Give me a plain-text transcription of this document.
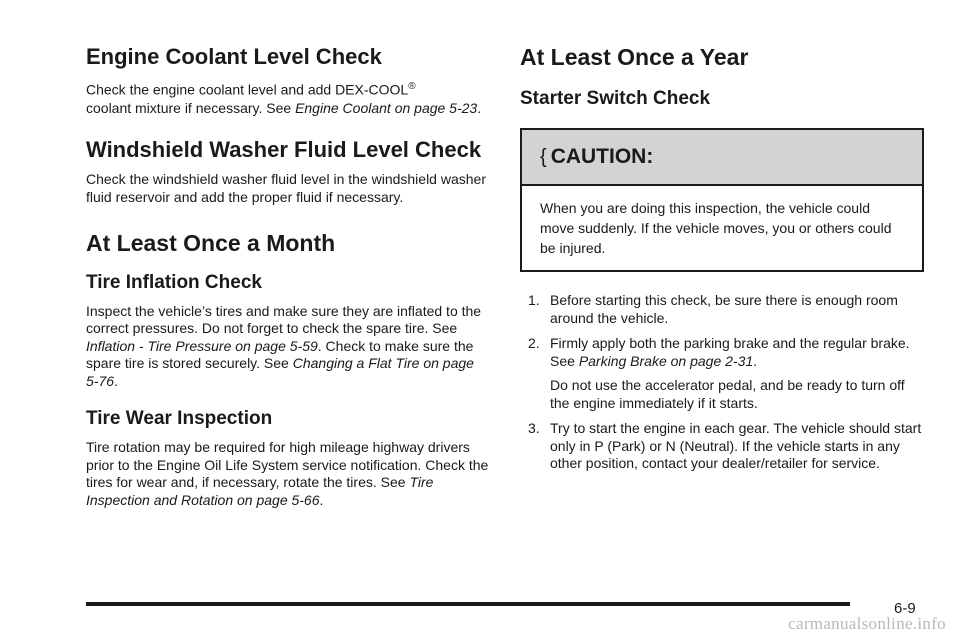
Engine Coolant Level Check

Check the engine coolant level and add DEX-COOL®
coolant mixture if necessary. See Engine Coolant on page 5-23.

Windshield Washer Fluid Level Check

Check the windshield washer fluid level in the windshield washer fluid reservoir and add the proper fluid if necessary.

At Least Once a Month
Tire Inflation Check

Inspect the vehicle’s tires and make sure they are inflated to the correct pressures. Do not forget to check the spare tire. See Inflation - Tire Pressure on page 5-59. Check to make sure the spare tire is stored securely. See Changing a Flat Tire on page 5-76.

Tire Wear Inspection

Tire rotation may be required for high mileage highway drivers prior to the Engine Oil Life System service notification. Check the tires for wear and, if necessary, rotate the tires. See Tire Inspection and Rotation on page 5-66.

At Least Once a Year
Starter Switch Check
{ CAUTION:

When you are doing this inspection, the vehicle could move suddenly. If the vehicle moves, you or others could be injured.

1. Before starting this check, be sure there is enough room around the vehicle.

2. Firmly apply both the parking brake and the regular brake. See Parking Brake on page 2-31.

Do not use the accelerator pedal, and be ready to turn off the engine immediately if it starts.

3. Try to start the engine in each gear. The vehicle should start only in P (Park) or N (Neutral). If the vehicle starts in any other position, contact your dealer/retailer for service.

6-9
carmanualsonline.info
